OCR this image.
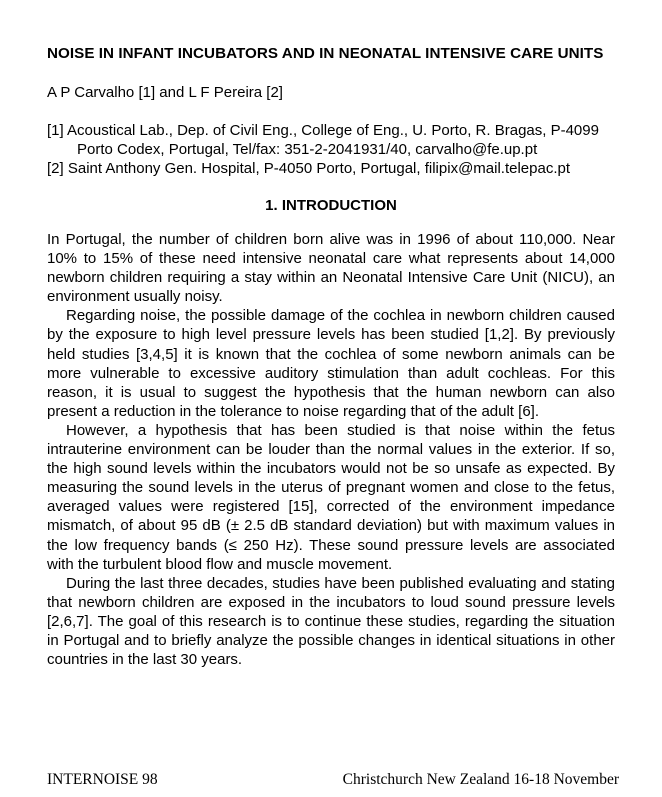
NOISE IN INFANT INCUBATORS AND IN NEONATAL INTENSIVE CARE UNITS
A P Carvalho [1] and L F Pereira [2]
[1] Acoustical Lab., Dep. of Civil Eng., College of Eng., U. Porto, R. Bragas, P-4099 Porto Codex, Portugal, Tel/fax: 351-2-2041931/40, carvalho@fe.up.pt
[2] Saint Anthony Gen. Hospital, P-4050 Porto, Portugal, filipix@mail.telepac.pt
1. INTRODUCTION

In Portugal, the number of children born alive was in 1996 of about 110,000. Near 10% to 15% of these need intensive neonatal care what represents about 14,000 newborn children requiring a stay within an Neonatal Intensive Care Unit (NICU), an environment usually noisy.

Regarding noise, the possible damage of the cochlea in newborn children caused by the exposure to high level pressure levels has been studied [1,2]. By previously held studies [3,4,5] it is known that the cochlea of some newborn animals can be more vulnerable to excessive auditory stimulation than adult cochleas. For this reason, it is usual to suggest the hypothesis that the human newborn can also present a reduction in the tolerance to noise regarding that of the adult [6].

However, a hypothesis that has been studied is that noise within the fetus intrauterine environment can be louder than the normal values in the exterior. If so, the high sound levels within the incubators would not be so unsafe as expected. By measuring the sound levels in the uterus of pregnant women and close to the fetus, averaged values were registered [15], corrected of the environment impedance mismatch, of about 95 dB (± 2.5 dB standard deviation) but with maximum values in the low frequency bands (≤ 250 Hz). These sound pressure levels are associated with the turbulent blood flow and muscle movement.

During the last three decades, studies have been published evaluating and stating that newborn children are exposed in the incubators to loud sound pressure levels [2,6,7]. The goal of this research is to continue these studies, regarding the situation in Portugal and to briefly analyze the possible changes in identical situations in other countries in the last 30 years.

INTERNOISE 98	Christchurch New Zealand 16-18 November
